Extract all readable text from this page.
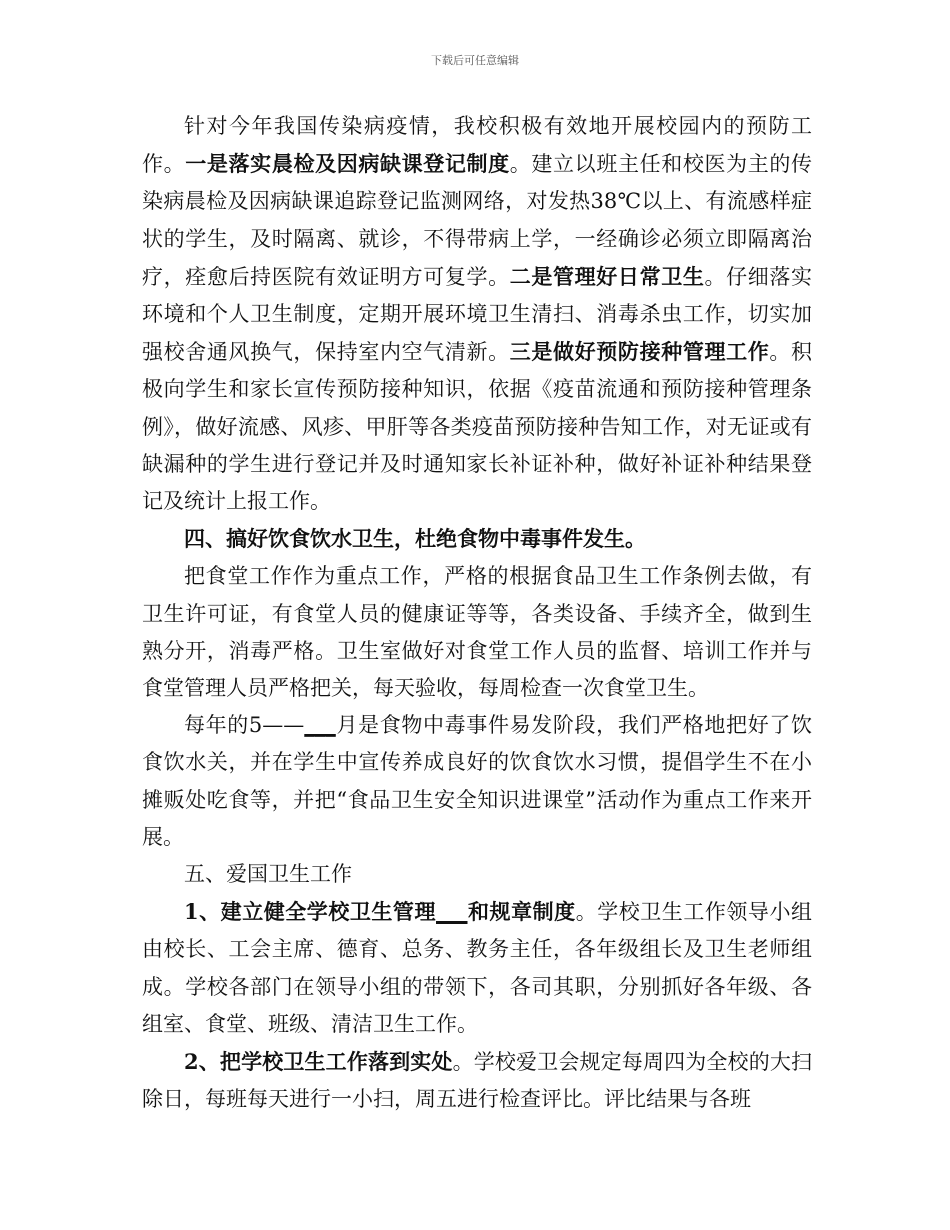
下载后可任意编辑

针对今年我国传染病疫情，我校积极有效地开展校园内的预防工作。一是落实晨检及因病缺课登记制度。建立以班主任和校医为主的传染病晨检及因病缺课追踪登记监测网络，对发热38℃以上、有流感样症状的学生，及时隔离、就诊，不得带病上学，一经确诊必须立即隔离治疗，痊愈后持医院有效证明方可复学。二是管理好日常卫生。仔细落实环境和个人卫生制度，定期开展环境卫生清扫、消毒杀虫工作，切实加强校舍通风换气，保持室内空气清新。三是做好预防接种管理工作。积极向学生和家长宣传预防接种知识，依据《疫苗流通和预防接种管理条例》，做好流感、风疹、甲肝等各类疫苗预防接种告知工作，对无证或有缺漏种的学生进行登记并及时通知家长补证补种，做好补证补种结果登记及统计上报工作。

四、搞好饮食饮水卫生，杜绝食物中毒事件发生。

把食堂工作作为重点工作，严格的根据食品卫生工作条例去做，有卫生许可证，有食堂人员的健康证等等，各类设备、手续齐全，做到生熟分开，消毒严格。卫生室做好对食堂工作人员的监督、培训工作并与食堂管理人员严格把关，每天验收，每周检查一次食堂卫生。

每年的5——___月是食物中毒事件易发阶段，我们严格地把好了饮食饮水关，并在学生中宣传养成良好的饮食饮水习惯，提倡学生不在小摊贩处吃食等，并把“食品卫生安全知识进课堂”活动作为重点工作来开展。

五、爱国卫生工作

1、建立健全学校卫生管理___和规章制度。学校卫生工作领导小组由校长、工会主席、德育、总务、教务主任，各年级组长及卫生老师组成。学校各部门在领导小组的带领下，各司其职，分别抓好各年级、各组室、食堂、班级、清洁卫生工作。

2、把学校卫生工作落到实处。学校爱卫会规定每周四为全校的大扫除日，每班每天进行一小扫，周五进行检查评比。评比结果与各班
